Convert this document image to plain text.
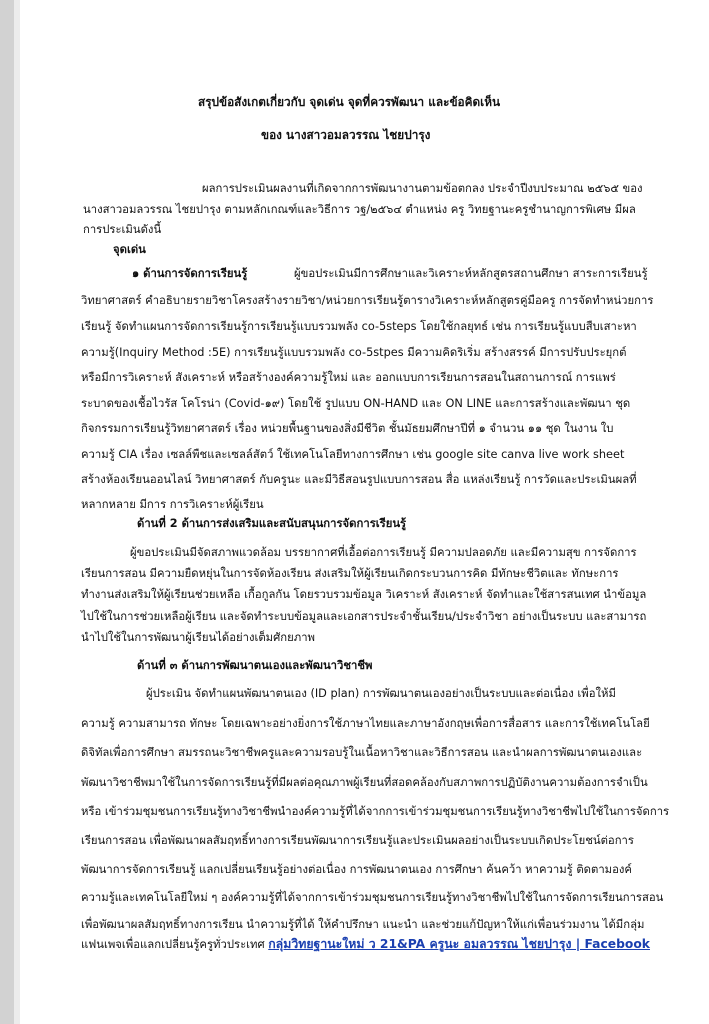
สรุปข้อสังเกตเกี่ยวกับ จุดเด่น จุดที่ควรพัฒนา และข้อคิดเห็น

ของ นางสาวอมลวรรณ ไชยปารุง

ผลการประเมินผลงานที่เกิดจากการพัฒนางานตามข้อตกลง ประจำปีงบประมาณ ๒๕๖๕ ของ

นางสาวอมลวรรณ ไชยปารุง ตามหลักเกณฑ์และวิธีการ วฐ/๒๕๖๔ ตำแหน่ง ครู วิทยฐานะครูชำนาญการพิเศษ มีผล

การประเมินดังนี้

จุดเด่น

๑ ด้านการจัดการเรียนรู้	ผู้ขอประเมินมีการศึกษาและวิเคราะห์หลักสูตรสถานศึกษา สาระการเรียนรู้

วิทยาศาสตร์ คำอธิบายรายวิชาโครงสร้างรายวิชา/หน่วยการเรียนรู้ตารางวิเคราะห์หลักสูตรคู่มือครู การจัดทำหน่วยการ

เรียนรู้ จัดทำแผนการจัดการเรียนรู้การเรียนรู้แบบรวมพลัง co-5steps โดยใช้กลยุทธ์ เช่น การเรียนรู้แบบสืบเสาะหา

ความรู้(Inquiry Method :5E) การเรียนรู้แบบรวมพลัง co-5stpes มีความคิดริเริ่ม สร้างสรรค์ มีการปรับประยุกต์

หรือมีการวิเคราะห์ สังเคราะห์ หรือสร้างองค์ความรู้ใหม่ และ ออกแบบการเรียนการสอนในสถานการณ์ การแพร่

ระบาดของเชื้อไวรัส โคโรน่า (Covid-๑๙) โดยใช้ รูปแบบ ON-HAND และ ON LINE และการสร้างและพัฒนา ชุด

กิจกรรมการเรียนรู้วิทยาศาสตร์ เรื่อง หน่วยพื้นฐานของสิ่งมีชีวิต ชั้นมัธยมศึกษาปีที่ ๑ จำนวน ๑๑ ชุด ในงาน ใบ

ความรู้ CIA เรื่อง เซลล์พืชและเซลล์สัตว์ ใช้เทคโนโลยีทางการศึกษา เช่น google site canva live work sheet

สร้างห้องเรียนออนไลน์ วิทยาศาสตร์ กับครูนะ และมีวิธีสอนรูปแบบการสอน สื่อ แหล่งเรียนรู้ การวัดและประเมินผลที่

หลากหลาย มีการ การวิเคราะห์ผู้เรียน

ด้านที่ 2 ด้านการส่งเสริมและสนับสนุนการจัดการเรียนรู้

ผู้ขอประเมินมีจัดสภาพแวดล้อม บรรยากาศที่เอื้อต่อการเรียนรู้ มีความปลอดภัย และมีความสุข การจัดการ

เรียนการสอน มีความยืดหยุ่นในการจัดห้องเรียน ส่งเสริมให้ผู้เรียนเกิดกระบวนการคิด มีทักษะชีวิตและ ทักษะการ

ทำงานส่งเสริมให้ผู้เรียนช่วยเหลือ เกื้อกูลกัน โดยรวบรวมข้อมูล วิเคราะห์ สังเคราะห์ จัดทำและใช้สารสนเทศ นำข้อมูล

ไปใช้ในการช่วยเหลือผู้เรียน และจัดทำระบบข้อมูลและเอกสารประจำชั้นเรียน/ประจำวิชา อย่างเป็นระบบ และสามารถ

นำไปใช้ในการพัฒนาผู้เรียนได้อย่างเต็มศักยภาพ

ด้านที่ ๓ ด้านการพัฒนาตนเองและพัฒนาวิชาชีพ

ผู้ประเมิน จัดทำแผนพัฒนาตนเอง (ID plan) การพัฒนาตนเองอย่างเป็นระบบและต่อเนื่อง เพื่อให้มี

ความรู้ ความสามารถ ทักษะ โดยเฉพาะอย่างยิ่งการใช้ภาษาไทยและภาษาอังกฤษเพื่อการสื่อสาร และการใช้เทคโนโลยี

ดิจิทัลเพื่อการศึกษา สมรรถนะวิชาชีพครูและความรอบรู้ในเนื้อหาวิชาและวิธีการสอน และนำผลการพัฒนาตนเองและ

พัฒนาวิชาชีพมาใช้ในการจัดการเรียนรู้ที่มีผลต่อคุณภาพผู้เรียนที่สอดคล้องกับสภาพการปฏิบัติงานความต้องการจำเป็น

หรือ เข้าร่วมชุมชนการเรียนรู้ทางวิชาชีพนำองค์ความรู้ที่ได้จากการเข้าร่วมชุมชนการเรียนรู้ทางวิชาชีพไปใช้ในการจัดการ

เรียนการสอน เพื่อพัฒนาผลสัมฤทธิ์ทางการเรียนพัฒนาการเรียนรู้และประเมินผลอย่างเป็นระบบเกิดประโยชน์ต่อการ

พัฒนาการจัดการเรียนรู้ แลกเปลี่ยนเรียนรู้อย่างต่อเนื่อง การพัฒนาตนเอง การศึกษา ค้นคว้า หาความรู้ ติดตามองค์

ความรู้และเทคโนโลยีใหม่ ๆ องค์ความรู้ที่ได้จากการเข้าร่วมชุมชนการเรียนรู้ทางวิชาชีพไปใช้ในการจัดการเรียนการสอน

เพื่อพัฒนาผลสัมฤทธิ์ทางการเรียน นำความรู้ที่ได้ ให้คำปรึกษา แนะนำ และช่วยแก้ปัญหาให้แก่เพื่อนร่วมงาน ได้มีกลุ่ม

แฟนเพจเพื่อแลกเปลี่ยนรู้ครูทั่วประเทศ กลุ่มวิทยฐานะใหม่ ว 21&PA ครูนะ อมลวรรณ ไชยปารุง | Facebook
